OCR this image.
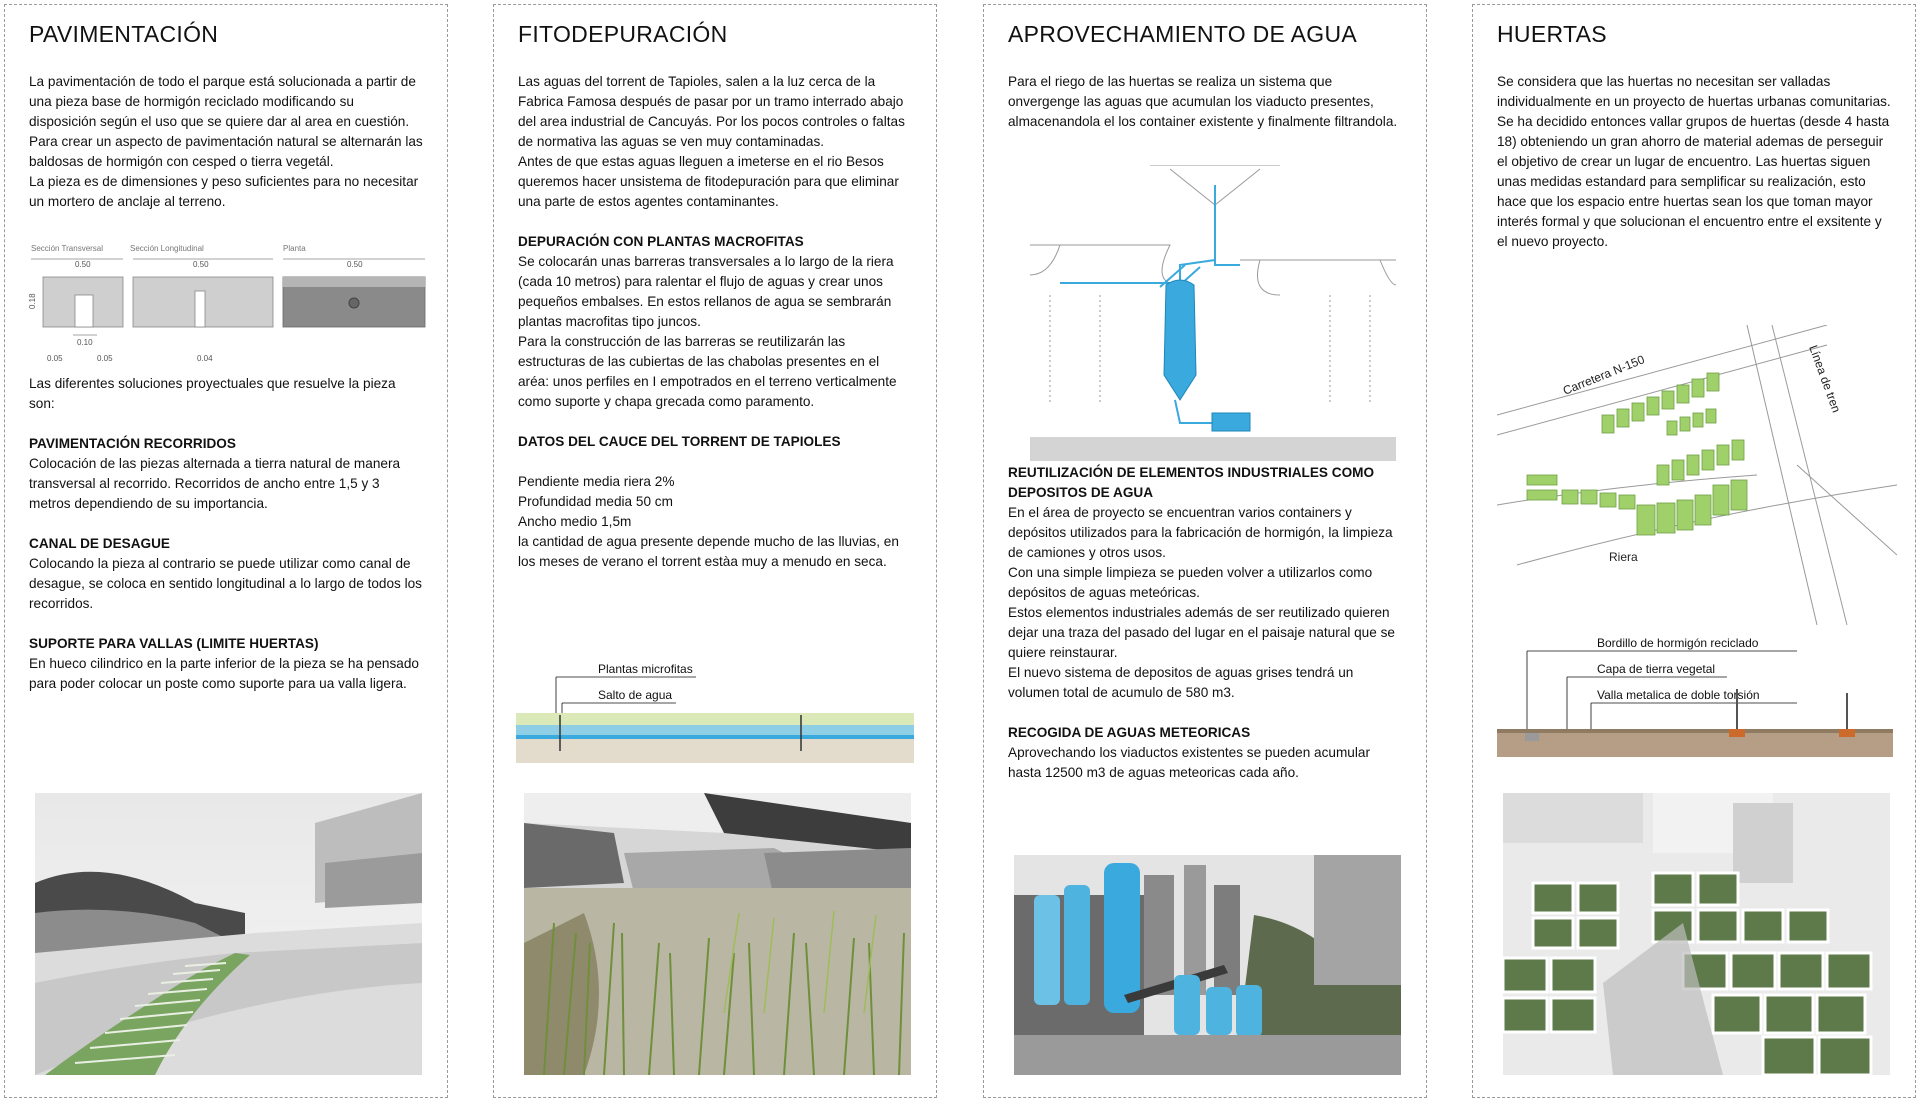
PAVIMENTACIÓN

La pavimentación de todo el parque está solucionada a partir de una pieza base de hormigón reciclado modificando su disposición según el uso que se quiere dar al area en cuestión. Para crear un aspecto de pavimentación natural se alternarán las baldosas de hormigón con cesped o tierra vegetál.

La pieza es de dimensiones y peso suficientes para no necesitar un mortero de anclaje al terreno.

Sección Transversal	Sección Longitudinal	Planta
0.50	0.50	0.50
0.18
0.10
0.05	0.05	0.04

Las diferentes soluciones proyectuales que resuelve la pieza son:

PAVIMENTACIÓN RECORRIDOS

Colocación de las piezas alternada a tierra natural de manera transversal al recorrido. Recorridos de ancho entre 1,5 y 3 metros dependiendo de su importancia.

CANAL DE DESAGUE

Colocando la pieza al contrario se puede utilizar como canal de desague, se coloca en sentido longitudinal a lo largo de todos los recorridos.

SUPORTE PARA VALLAS (LIMITE HUERTAS)

En hueco cilindrico en la parte inferior de la pieza se ha pensado para poder colocar un poste como suporte para ua valla ligera.

FITODEPURACIÓN

Las aguas del torrent de Tapioles, salen a la luz cerca de la Fabrica Famosa después de pasar por un tramo interrado abajo del area industrial de Cancuyás. Por los pocos controles o faltas de normativa las aguas se ven muy contaminadas.

Antes de que estas aguas lleguen a imeterse en el rio Besos queremos hacer unsistema de fitodepuración para que eliminar una parte de estos agentes contaminantes.

DEPURACIÓN CON PLANTAS MACROFITAS

Se colocarán unas barreras transversales a lo largo de la riera (cada 10 metros) para ralentar el flujo de aguas y crear unos pequeños embalses. En estos rellanos de agua se sembrarán plantas macrofitas tipo juncos.

Para la construcción de las barreras se reutilizarán las estructuras de las cubiertas de las chabolas presentes en el aréa: unos perfiles en I empotrados en el terreno verticalmente como suporte y chapa grecada como paramento.

DATOS DEL CAUCE DEL TORRENT DE TAPIOLES

Pendiente media riera 2%

Profundidad media 50 cm

Ancho medio 1,5m

la cantidad de agua presente depende mucho de las lluvias, en los meses de verano el torrent estàa muy a menudo en seca.

Plantas microfitas
Salto de agua
APROVECHAMIENTO DE AGUA

Para el riego de las huertas se realiza un sistema que onvergenge las aguas que acumulan los viaducto presentes, almacenandola el los container existente y finalmente filtrandola.

REUTILIZACIÓN DE ELEMENTOS INDUSTRIALES COMO DEPOSITOS DE AGUA

En el área de proyecto se encuentran varios containers y depósitos utilizados para la fabricación de hormigón, la limpieza de camiones y otros usos.

Con una simple limpieza se pueden volver a utilizarlos como depósitos de aguas meteóricas.

Estos elementos industriales además de ser reutilizado quieren dejar una traza del pasado del lugar en el paisaje natural que se quiere reinstaurar.

El nuevo sistema de depositos de aguas grises tendrá un volumen total de acumulo de 580 m3.

RECOGIDA DE AGUAS METEORICAS

Aprovechando los viaductos existentes se pueden acumular hasta 12500 m3 de aguas meteoricas cada año.

HUERTAS

Se considera que las huertas no necesitan ser valladas individualmente en un proyecto de huertas urbanas comunitarias. Se ha decidido entonces vallar grupos de huertas (desde 4 hasta 18) obteniendo un gran ahorro de material ademas de perseguir el objetivo de crear un lugar de encuentro. Las huertas siguen unas medidas estandard para semplificar su realización, esto hace que los espacio entre huertas sean los que toman mayor interés formal y que solucionan el encuentro entre el exsitente y el nuevo proyecto.

Carretera N-150	Línea de tren
Riera
Bordillo de hormigón reciclado
Capa de tierra vegetal
Valla metalica de doble torsión
